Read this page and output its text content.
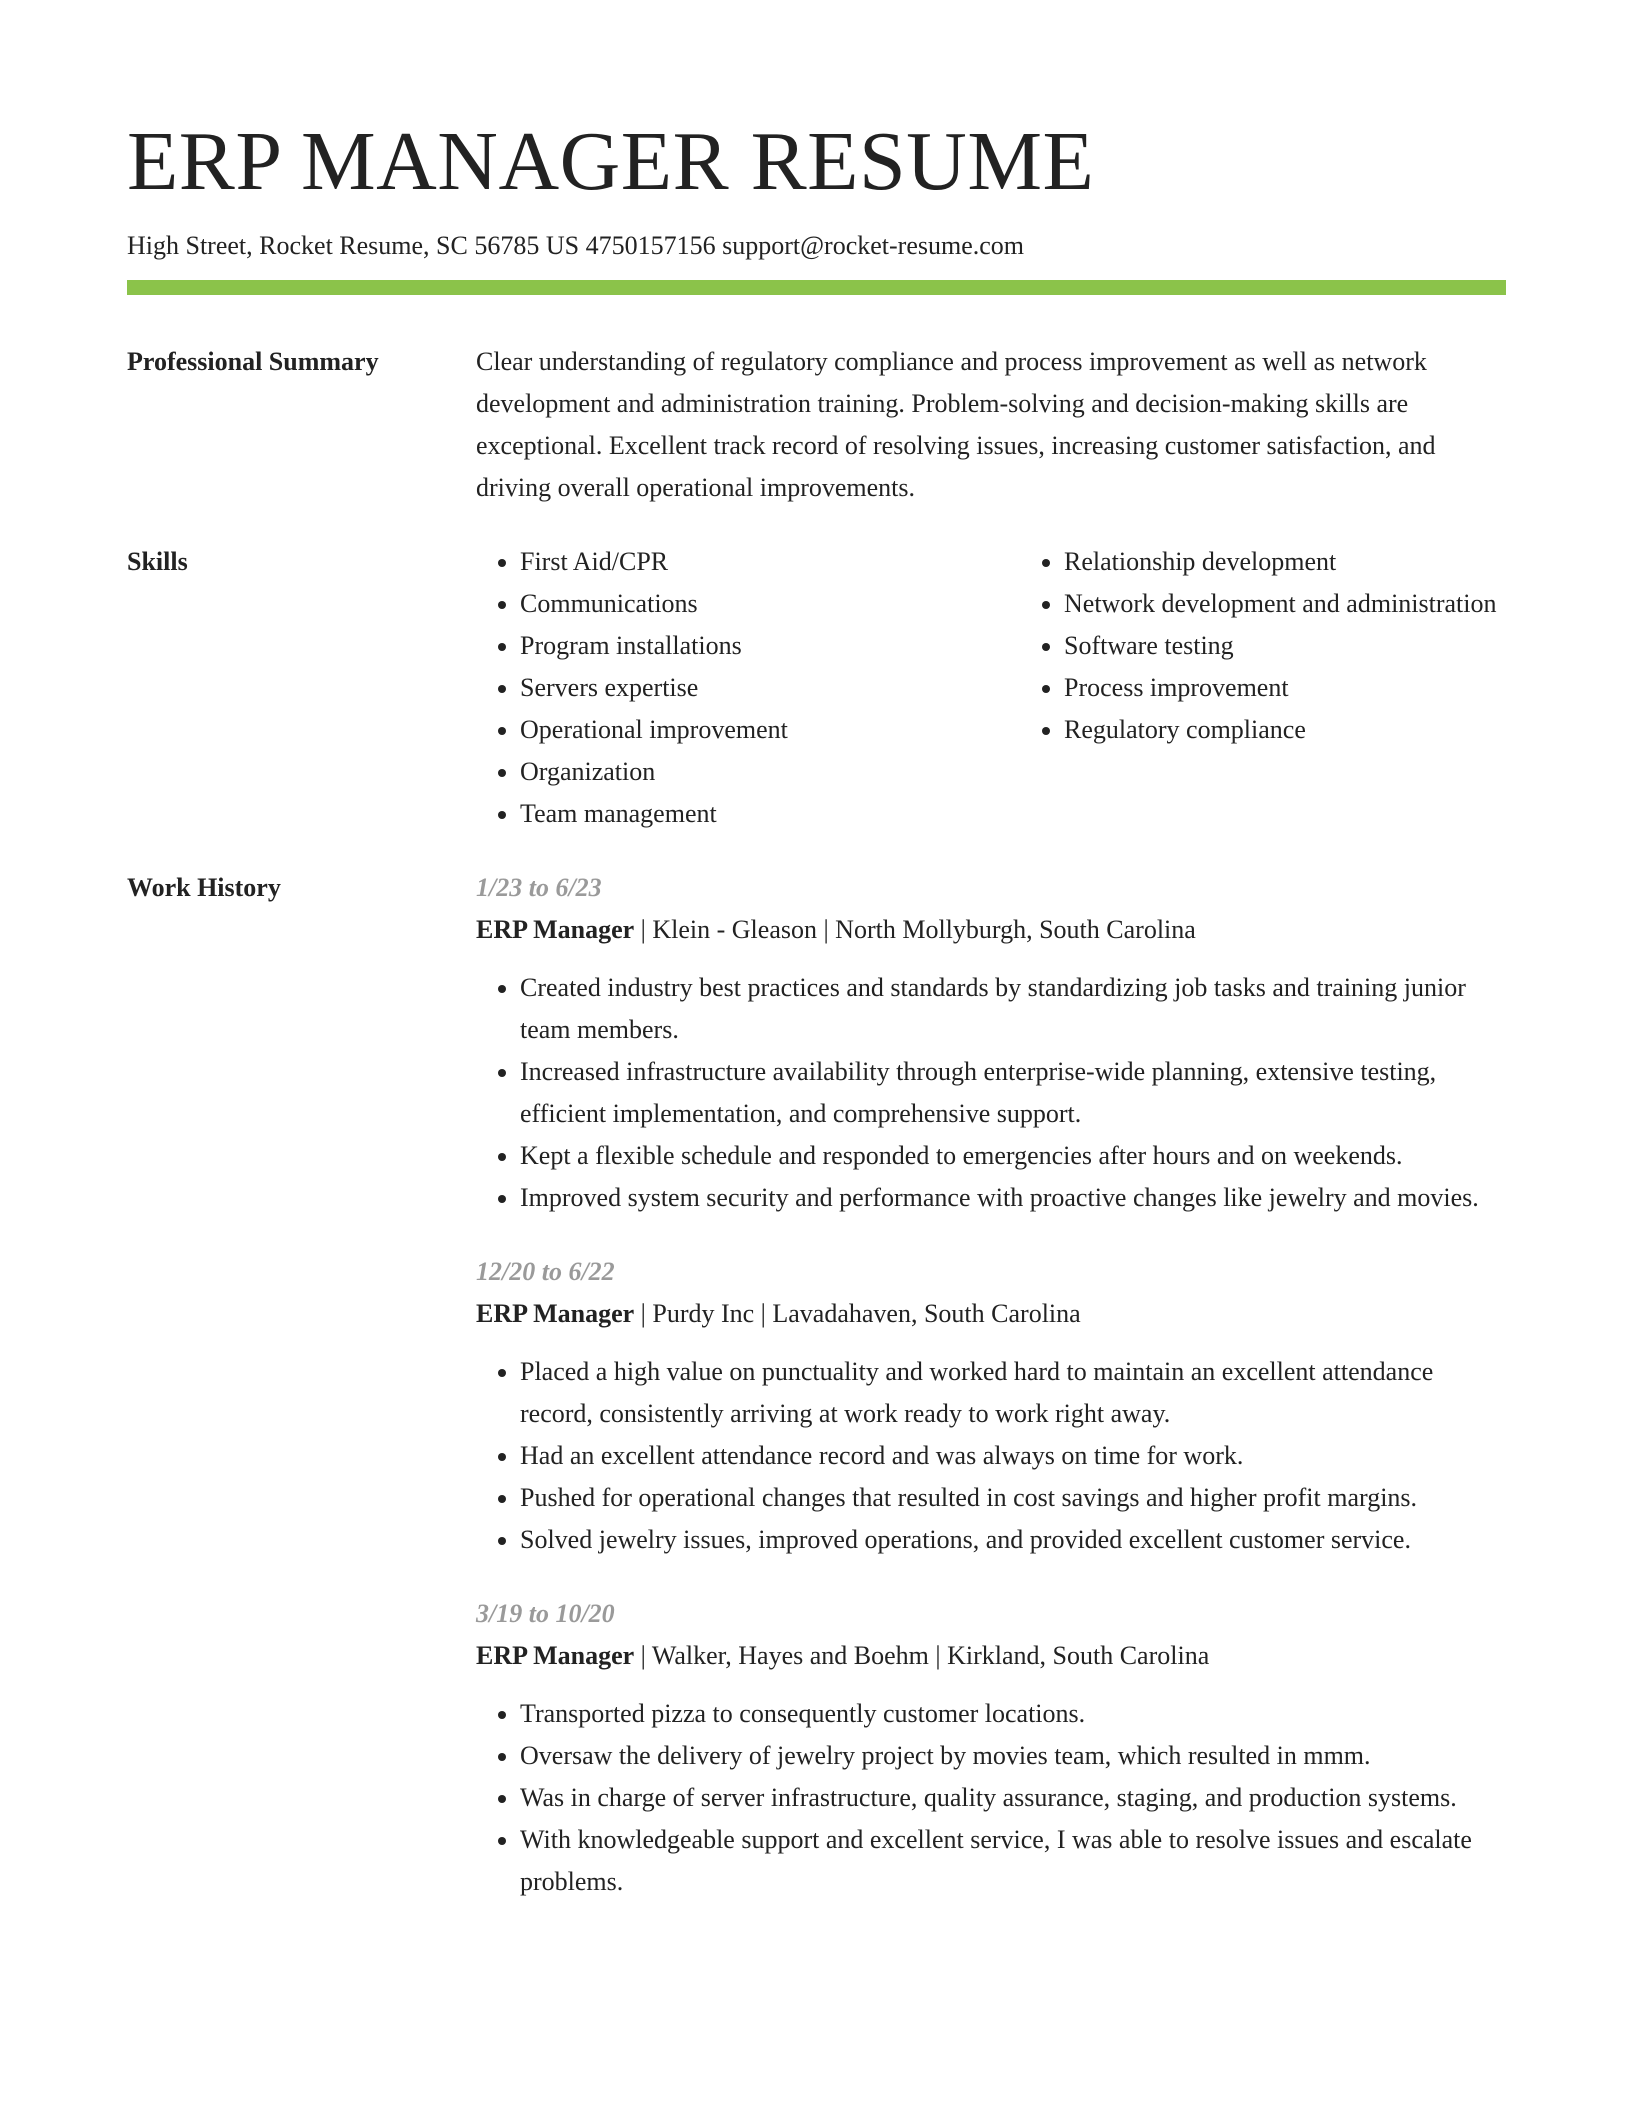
ERP MANAGER RESUME
High Street, Rocket Resume, SC 56785 US 4750157156 support@rocket-resume.com
Professional Summary	Clear understanding of regulatory compliance and process improvement as well as network development and administration training. Problem-solving and decision-making skills are exceptional. Excellent track record of resolving issues, increasing customer satisfaction, and driving overall operational improvements.
Skills
•	First Aid/CPR
• Communications
• Program installations
• Servers expertise
• Operational improvement
• Organization
• Team management
• Relationship development
• Network development and administration
• Software testing
• Process improvement
• Regulatory compliance
Work History	1/23 to 6/23
ERP Manager | Klein - Gleason | North Mollyburgh, South Carolina
• Created industry best practices and standards by standardizing job tasks and training junior team members.
• Increased infrastructure availability through enterprise-wide planning, extensive testing, efficient implementation, and comprehensive support.
• Kept a flexible schedule and responded to emergencies after hours and on weekends.
• Improved system security and performance with proactive changes like jewelry and movies.
12/20 to 6/22
ERP Manager | Purdy Inc | Lavadahaven, South Carolina
• Placed a high value on punctuality and worked hard to maintain an excellent attendance record, consistently arriving at work ready to work right away.
• Had an excellent attendance record and was always on time for work.
• Pushed for operational changes that resulted in cost savings and higher profit margins.
• Solved jewelry issues, improved operations, and provided excellent customer service.
3/19 to 10/20
ERP Manager | Walker, Hayes and Boehm | Kirkland, South Carolina
• Transported pizza to consequently customer locations.
• Oversaw the delivery of jewelry project by movies team, which resulted in mmm.
• Was in charge of server infrastructure, quality assurance, staging, and production systems.
• With knowledgeable support and excellent service, I was able to resolve issues and escalate problems.
